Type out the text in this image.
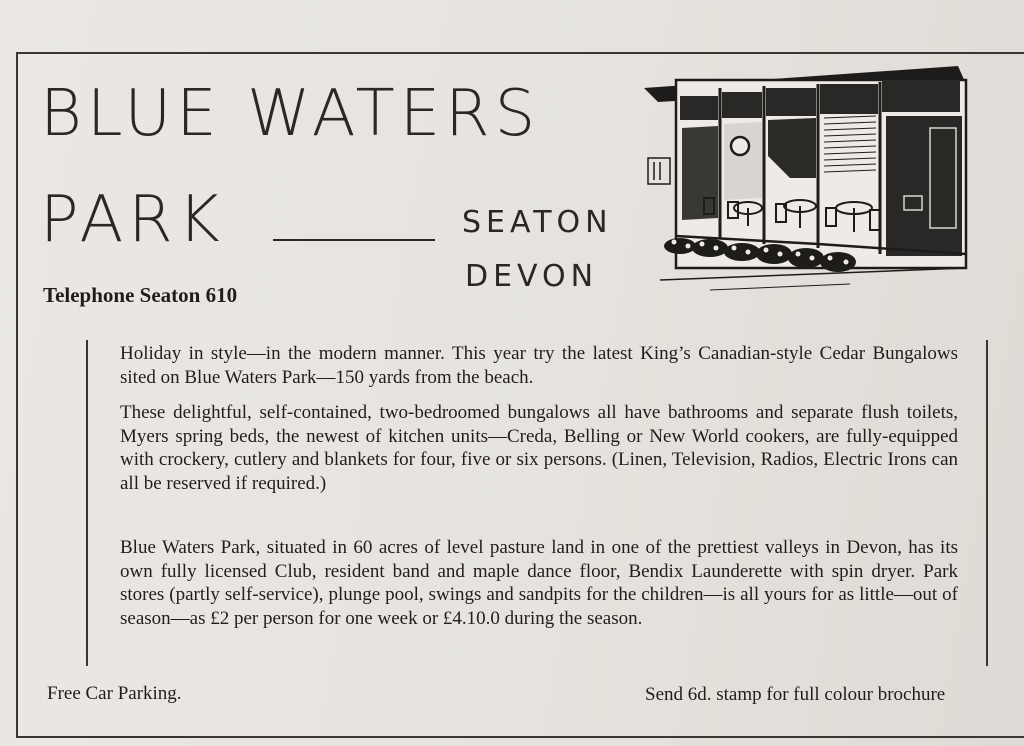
BLUE WATERS
PARK	SEATON
DEVON
Telephone Seaton 610

Holiday in style—in the modern manner. This year try the latest King’s Canadian-style Cedar Bungalows sited on Blue Waters Park—150 yards from the beach.

These delightful, self-contained, two-bedroomed bungalows all have bathrooms and separate flush toilets, Myers spring beds, the newest of kitchen units—Creda, Belling or New World cookers, are fully-equipped with crockery, cutlery and blankets for four, five or six persons. (Linen, Television, Radios, Electric Irons can all be reserved if required.)

Blue Waters Park, situated in 60 acres of level pasture land in one of the prettiest valleys in Devon, has its own fully licensed Club, resident band and maple dance floor, Bendix Launderette with spin dryer. Park stores (partly self-service), plunge pool, swings and sandpits for the children—is all yours for as little—out of season—as £2 per person for one week or £4.10.0 during the season.

Free Car Parking.	Send 6d. stamp for full colour brochure
